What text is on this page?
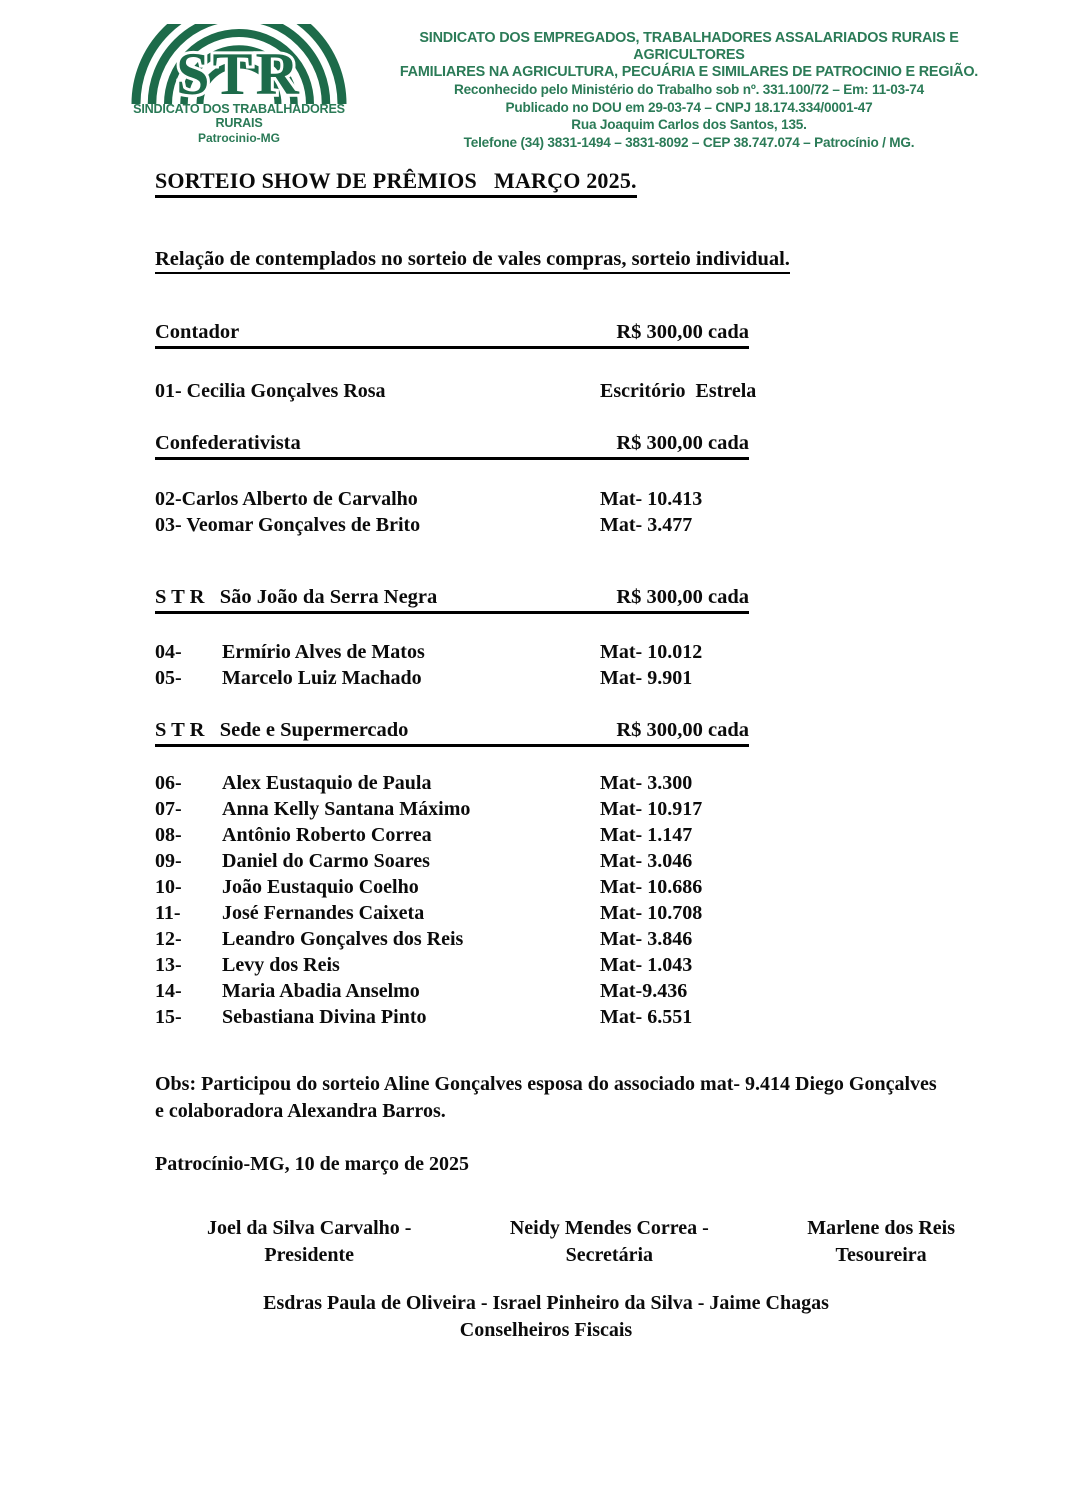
STR
SINDICATO DOS TRABALHADORES RURAIS
Patrocinio-MG
SINDICATO DOS EMPREGADOS, TRABALHADORES ASSALARIADOS RURAIS E AGRICULTORES
FAMILIARES NA AGRICULTURA, PECUÁRIA E SIMILARES DE PATROCINIO E REGIÃO.
Reconhecido pelo Ministério do Trabalho sob nº. 331.100/72 – Em: 11-03-74
Publicado no DOU em 29-03-74 – CNPJ 18.174.334/0001-47
Rua Joaquim Carlos dos Santos, 135.
Telefone (34) 3831-1494 – 3831-8092 – CEP 38.747.074 – Patrocínio / MG.
SORTEIO SHOW DE PRÊMIOS   MARÇO 2025.
Relação de contemplados no sorteio de vales compras, sorteio individual.
Contador	R$ 300,00 cada
01- Cecilia Gonçalves Rosa	Escritório  Estrela
Confederativista	R$ 300,00 cada
02-Carlos Alberto de Carvalho	Mat- 10.413
03- Veomar Gonçalves de Brito	Mat- 3.477
S T R   São João da Serra Negra	R$ 300,00 cada
04- Ermírio Alves de Matos	Mat- 10.012
05- Marcelo Luiz Machado	Mat- 9.901
S T R   Sede e Supermercado	R$ 300,00 cada
06- Alex Eustaquio de Paula	Mat- 3.300
07- Anna Kelly Santana Máximo	Mat- 10.917
08- Antônio Roberto Correa	Mat- 1.147
09- Daniel do Carmo Soares	Mat- 3.046
10- João Eustaquio Coelho	Mat- 10.686
11- José Fernandes Caixeta	Mat- 10.708
12- Leandro Gonçalves dos Reis	Mat- 3.846
13- Levy dos Reis	Mat- 1.043
14- Maria Abadia Anselmo	Mat-9.436
15- Sebastiana Divina Pinto	Mat- 6.551

Obs: Participou do sorteio Aline Gonçalves esposa do associado mat- 9.414 Diego Gonçalves e colaboradora Alexandra Barros.

Patrocínio-MG, 10 de março de 2025

Joel da Silva Carvalho -
Presidente
Neidy Mendes Correa -
Secretária
Marlene dos Reis
Tesoureira
Esdras Paula de Oliveira - Israel Pinheiro da Silva - Jaime Chagas
Conselheiros Fiscais
